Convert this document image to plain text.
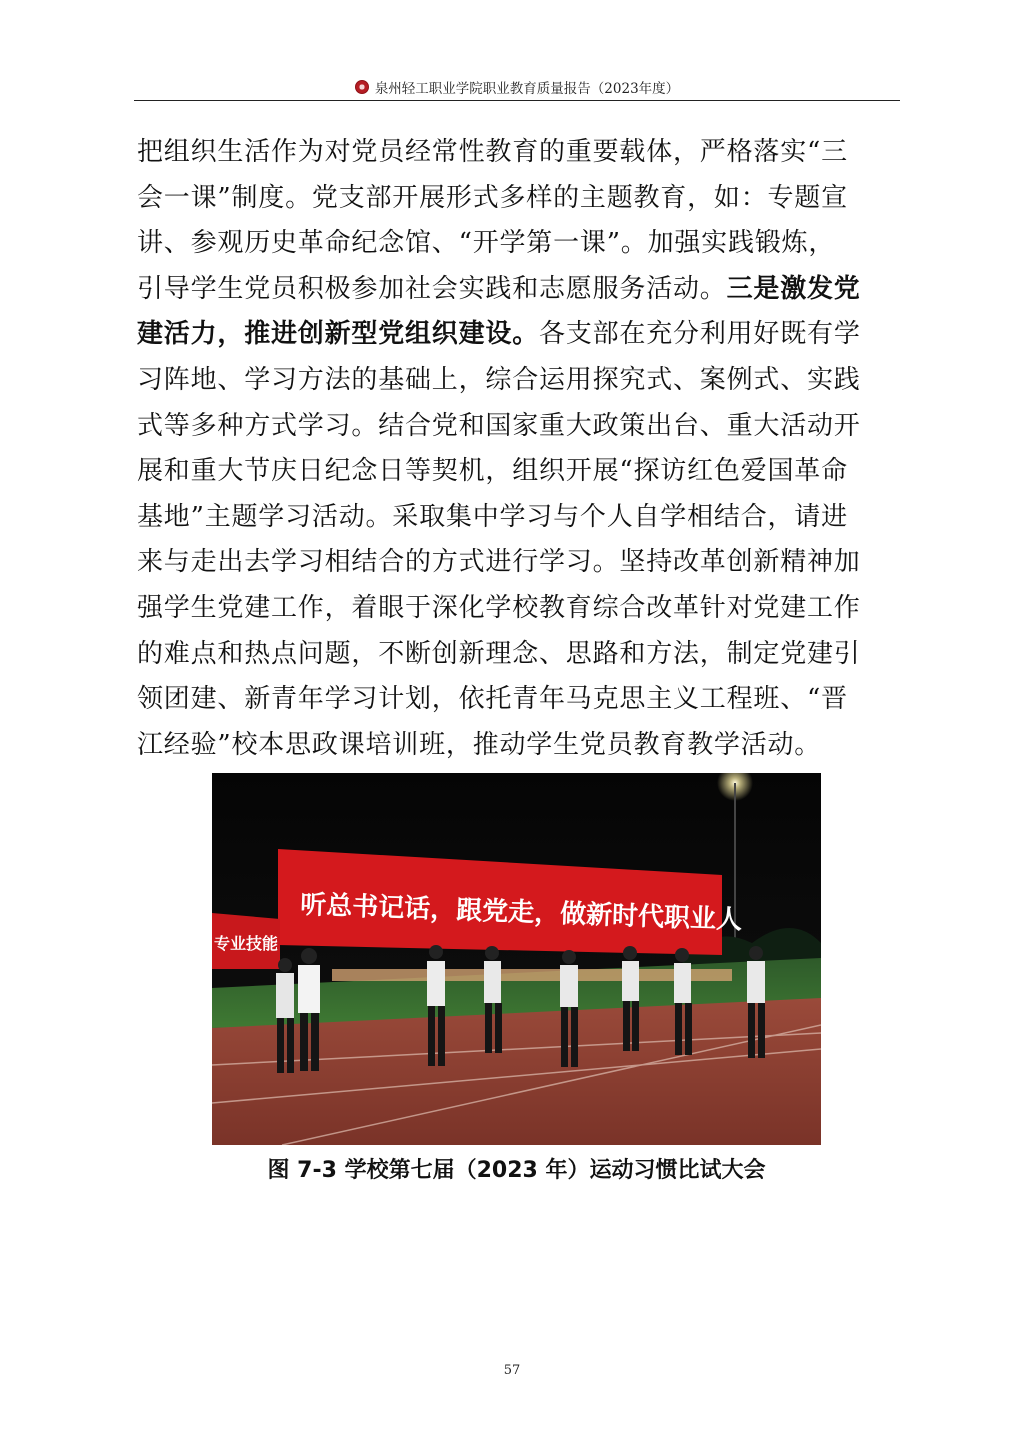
泉州轻工职业学院职业教育质量报告（2023年度）
把组织生活作为对党员经常性教育的重要载体，严格落实“三
会一课”制度。党支部开展形式多样的主题教育，如：专题宣
讲、参观历史革命纪念馆、“开学第一课”。加强实践锻炼，
引导学生党员积极参加社会实践和志愿服务活动。三是激发党
建活力，推进创新型党组织建设。各支部在充分利用好既有学
习阵地、学习方法的基础上，综合运用探究式、案例式、实践
式等多种方式学习。结合党和国家重大政策出台、重大活动开
展和重大节庆日纪念日等契机，组织开展“探访红色爱国革命
基地”主题学习活动。采取集中学习与个人自学相结合，请进
来与走出去学习相结合的方式进行学习。坚持改革创新精神加
强学生党建工作，着眼于深化学校教育综合改革针对党建工作
的难点和热点问题，不断创新理念、思路和方法，制定党建引
领团建、新青年学习计划，依托青年马克思主义工程班、“晋
江经验”校本思政课培训班，推动学生党员教育教学活动。
听总书记话，跟党走，做新时代职业人
专业技能
图 7-3 学校第七届（2023 年）运动习惯比试大会
57
